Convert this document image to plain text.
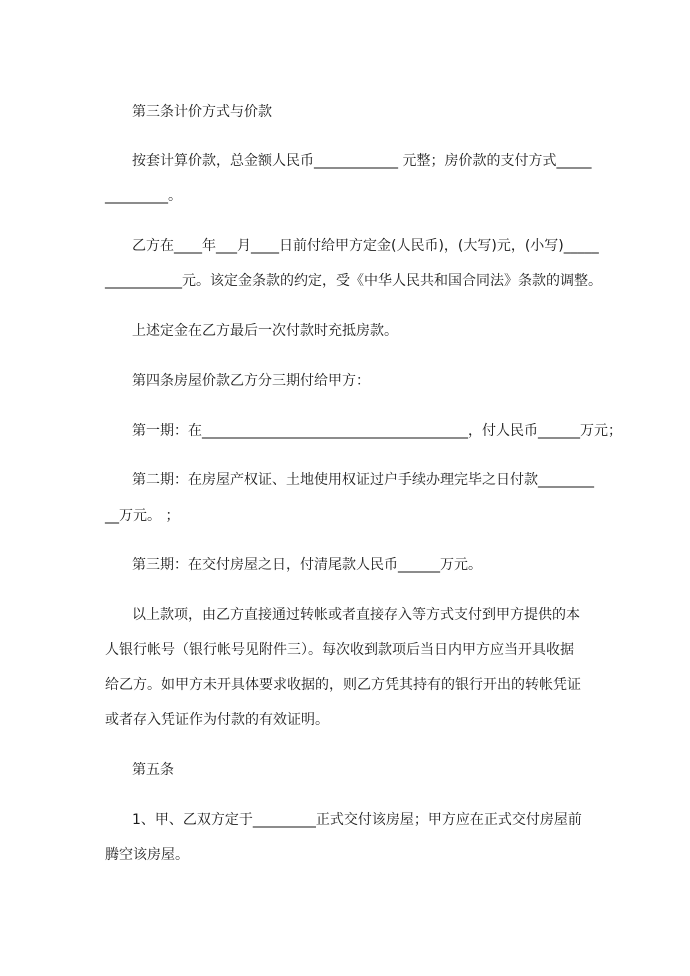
第三条计价方式与价款
按套计算价款，总金额人民币____________ 元整；房价款的支付方式_____
_________。
乙方在____年___月____日前付给甲方定金(人民币)，(大写)元，(小写)_____
___________元。该定金条款的约定，受《中华人民共和国合同法》条款的调整。
上述定金在乙方最后一次付款时充抵房款。
第四条房屋价款乙方分三期付给甲方：
第一期：在______________________________________，付人民币______万元；
第二期：在房屋产权证、土地使用权证过户手续办理完毕之日付款________
__万元。 ；
第三期：在交付房屋之日，付清尾款人民币______万元。
以上款项，由乙方直接通过转帐或者直接存入等方式支付到甲方提供的本
人银行帐号（银行帐号见附件三）。每次收到款项后当日内甲方应当开具收据
给乙方。如甲方未开具体要求收据的，则乙方凭其持有的银行开出的转帐凭证
或者存入凭证作为付款的有效证明。
第五条
1、甲、乙双方定于_________正式交付该房屋；甲方应在正式交付房屋前
腾空该房屋。
